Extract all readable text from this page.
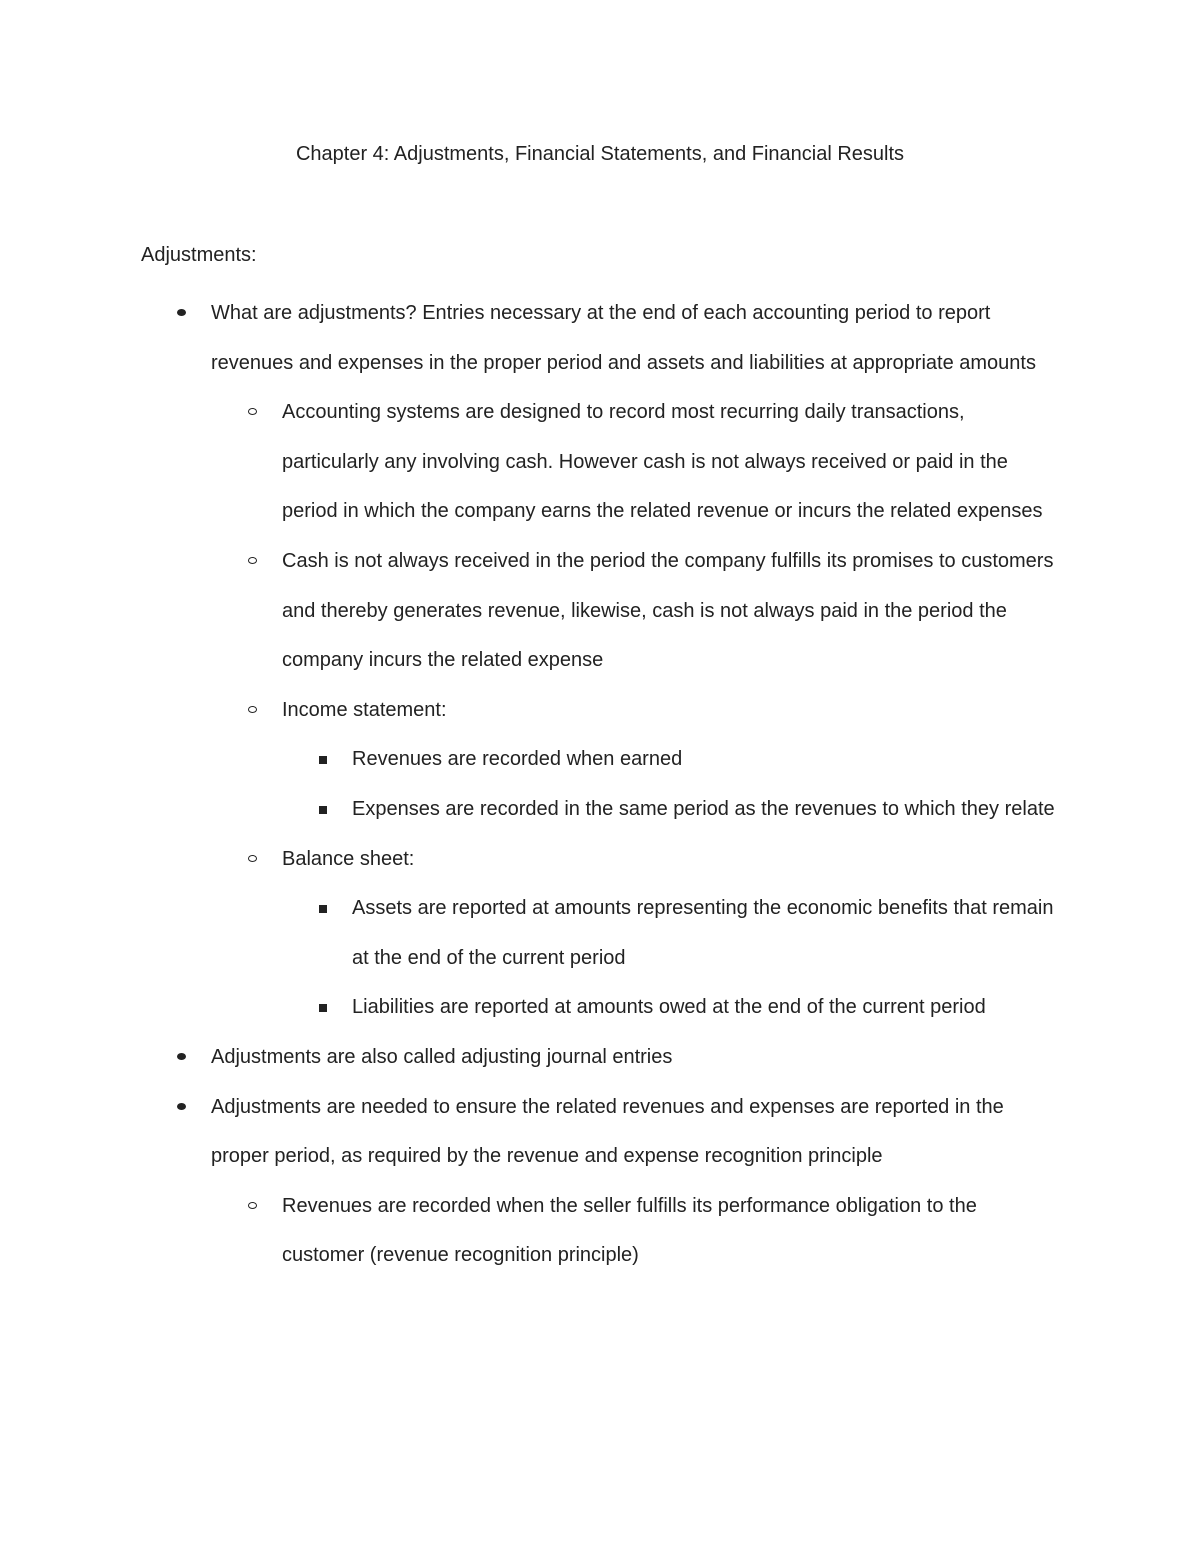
Chapter 4: Adjustments, Financial Statements, and Financial Results
Adjustments:
What are adjustments? Entries necessary at the end of each accounting period to report revenues and expenses in the proper period and assets and liabilities at appropriate amounts
Accounting systems are designed to record most recurring daily transactions, particularly any involving cash. However cash is not always received or paid in the period in which the company earns the related revenue or incurs the related expenses
Cash is not always received in the period the company fulfills its promises to customers and thereby generates revenue, likewise, cash is not always paid in the period the company incurs the related expense
Income statement:
Revenues are recorded when earned
Expenses are recorded in the same period as the revenues to which they relate
Balance sheet:
Assets are reported at amounts representing the economic benefits that remain at the end of the current period
Liabilities are reported at amounts owed at the end of the current period
Adjustments are also called adjusting journal entries
Adjustments are needed to ensure the related revenues and expenses are reported in the proper period, as required by the revenue and expense recognition principle
Revenues are recorded when the seller fulfills its performance obligation to the customer (revenue recognition principle)
